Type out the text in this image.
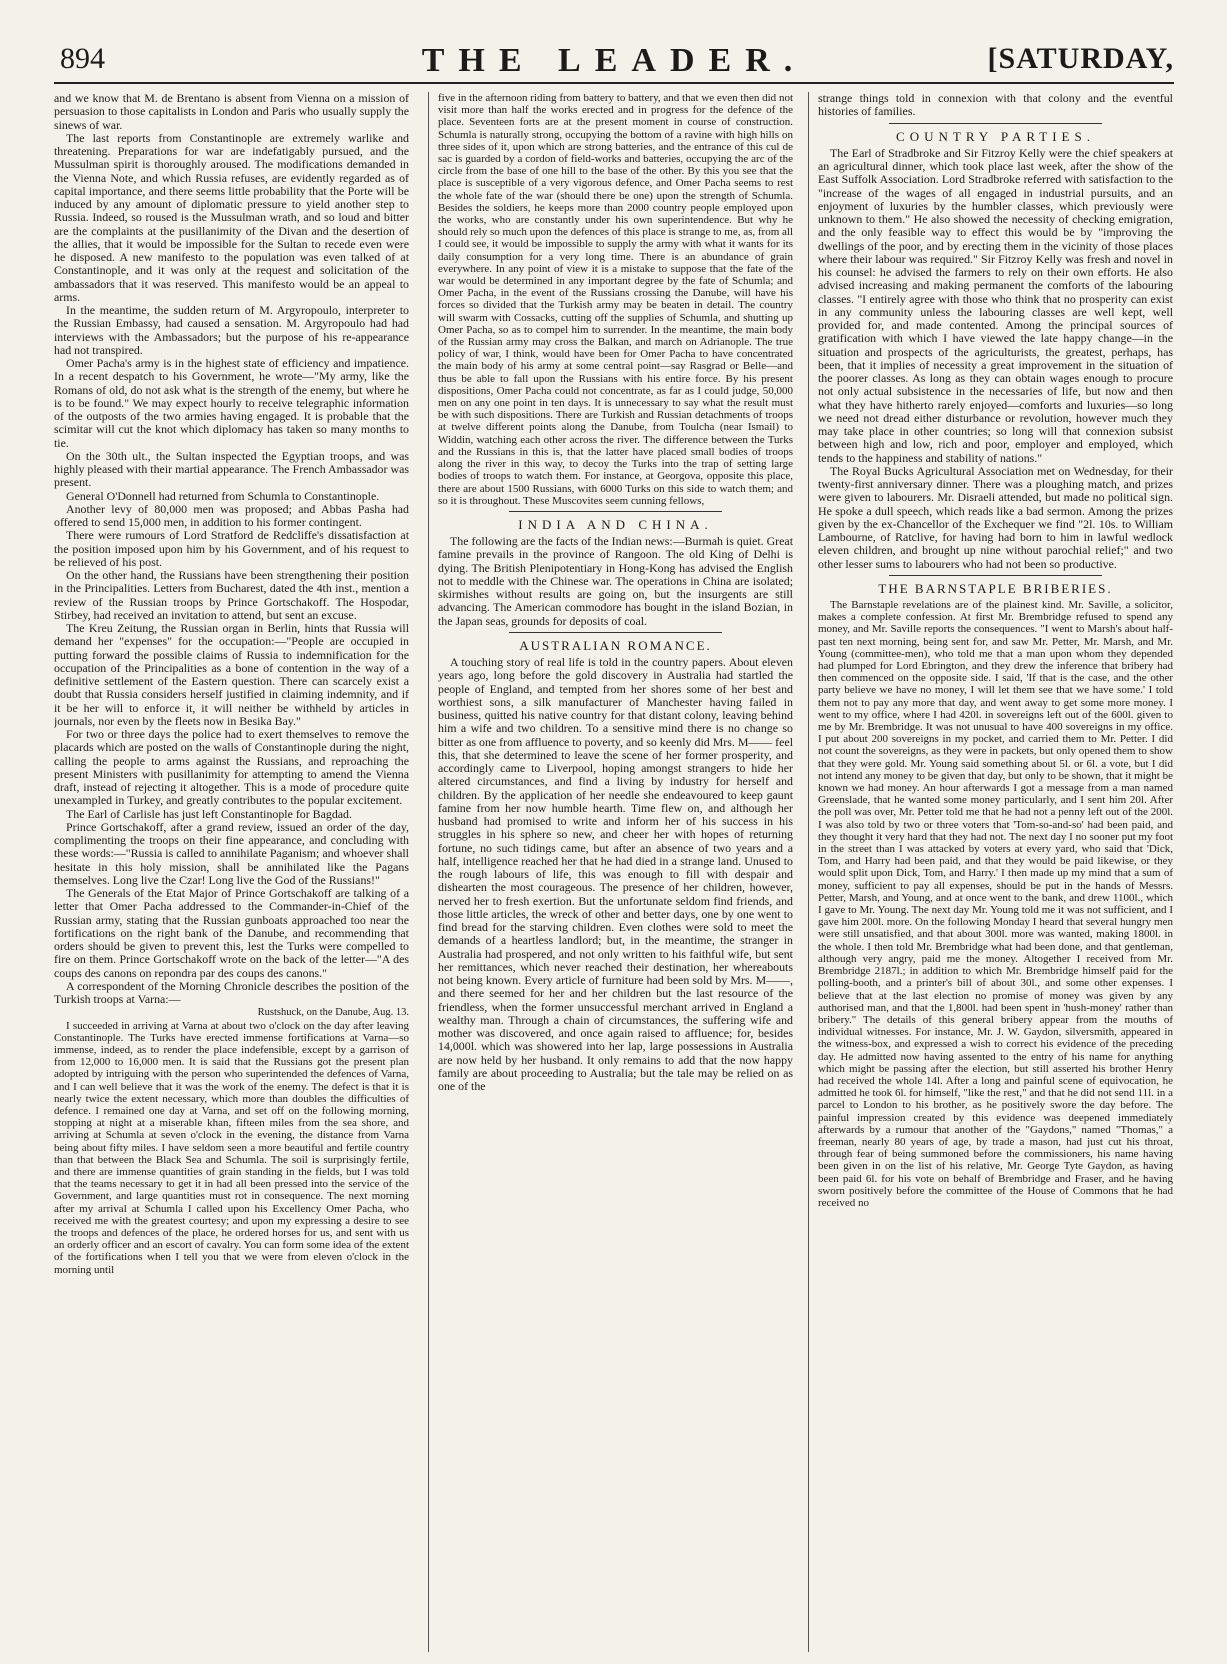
894	THE LEADER.	[SATURDAY,

and we know that M. de Brentano is absent from Vienna on a mission of persuasion to those capitalists in London and Paris who usually supply the sinews of war.

The last reports from Constantinople are extremely warlike and threatening. Preparations for war are indefatigably pursued, and the Mussulman spirit is thoroughly aroused. The modifications demanded in the Vienna Note, and which Russia refuses, are evidently regarded as of capital importance, and there seems little probability that the Porte will be induced by any amount of diplomatic pressure to yield another step to Russia. Indeed, so roused is the Mussulman wrath, and so loud and bitter are the complaints at the pusillanimity of the Divan and the desertion of the allies, that it would be impossible for the Sultan to recede even were he disposed. A new manifesto to the population was even talked of at Constantinople, and it was only at the request and solicitation of the ambassadors that it was reserved. This manifesto would be an appeal to arms.

In the meantime, the sudden return of M. Argyropoulo, interpreter to the Russian Embassy, had caused a sensation. M. Argyropoulo had had interviews with the Ambassadors; but the purpose of his re-appearance had not transpired.

Omer Pacha's army is in the highest state of efficiency and impatience. In a recent despatch to his Government, he wrote—"My army, like the Romans of old, do not ask what is the strength of the enemy, but where he is to be found." We may expect hourly to receive telegraphic information of the outposts of the two armies having engaged. It is probable that the scimitar will cut the knot which diplomacy has taken so many months to tie.

On the 30th ult., the Sultan inspected the Egyptian troops, and was highly pleased with their martial appearance. The French Ambassador was present.

General O'Donnell had returned from Schumla to Constantinople.

Another levy of 80,000 men was proposed; and Abbas Pasha had offered to send 15,000 men, in addition to his former contingent.

There were rumours of Lord Stratford de Redcliffe's dissatisfaction at the position imposed upon him by his Government, and of his request to be relieved of his post.

On the other hand, the Russians have been strengthening their position in the Principalities. Letters from Bucharest, dated the 4th inst., mention a review of the Russian troops by Prince Gortschakoff. The Hospodar, Stirbey, had received an invitation to attend, but sent an excuse.

The Kreu Zeitung, the Russian organ in Berlin, hints that Russia will demand her "expenses" for the occupation:—"People are occupied in putting forward the possible claims of Russia to indemnification for the occupation of the Principalities as a bone of contention in the way of a definitive settlement of the Eastern question. There can scarcely exist a doubt that Russia considers herself justified in claiming indemnity, and if it be her will to enforce it, it will neither be withheld by articles in journals, nor even by the fleets now in Besika Bay."

For two or three days the police had to exert themselves to remove the placards which are posted on the walls of Constantinople during the night, calling the people to arms against the Russians, and reproaching the present Ministers with pusillanimity for attempting to amend the Vienna draft, instead of rejecting it altogether. This is a mode of procedure quite unexampled in Turkey, and greatly contributes to the popular excitement.

The Earl of Carlisle has just left Constantinople for Bagdad.

Prince Gortschakoff, after a grand review, issued an order of the day, complimenting the troops on their fine appearance, and concluding with these words:—"Russia is called to annihilate Paganism; and whoever shall hesitate in this holy mission, shall be annihilated like the Pagans themselves. Long live the Czar! Long live the God of the Russians!"

The Generals of the Etat Major of Prince Gortschakoff are talking of a letter that Omer Pacha addressed to the Commander-in-Chief of the Russian army, stating that the Russian gunboats approached too near the fortifications on the right bank of the Danube, and recommending that orders should be given to prevent this, lest the Turks were compelled to fire on them. Prince Gortschakoff wrote on the back of the letter—"A des coups des canons on repondra par des coups des canons."

A correspondent of the Morning Chronicle describes the position of the Turkish troops at Varna:—

Rustshuck, on the Danube, Aug. 13.

I succeeded in arriving at Varna at about two o'clock on the day after leaving Constantinople. The Turks have erected immense fortifications at Varna—so immense, indeed, as to render the place indefensible, except by a garrison of from 12,000 to 16,000 men. It is said that the Russians got the present plan adopted by intriguing with the person who superintended the defences of Varna, and I can well believe that it was the work of the enemy. The defect is that it is nearly twice the extent necessary, which more than doubles the difficulties of defence. I remained one day at Varna, and set off on the following morning, stopping at night at a miserable khan, fifteen miles from the sea shore, and arriving at Schumla at seven o'clock in the evening, the distance from Varna being about fifty miles. I have seldom seen a more beautiful and fertile country than that between the Black Sea and Schumla. The soil is surprisingly fertile, and there are immense quantities of grain standing in the fields, but I was told that the teams necessary to get it in had all been pressed into the service of the Government, and large quantities must rot in consequence. The next morning after my arrival at Schumla I called upon his Excellency Omer Pacha, who received me with the greatest courtesy; and upon my expressing a desire to see the troops and defences of the place, he ordered horses for us, and sent with us an orderly officer and an escort of cavalry. You can form some idea of the extent of the fortifications when I tell you that we were from eleven o'clock in the morning until

five in the afternoon riding from battery to battery, and that we even then did not visit more than half the works erected and in progress for the defence of the place. Seventeen forts are at the present moment in course of construction. Schumla is naturally strong, occupying the bottom of a ravine with high hills on three sides of it, upon which are strong batteries, and the entrance of this cul de sac is guarded by a cordon of field-works and batteries, occupying the arc of the circle from the base of one hill to the base of the other. By this you see that the place is susceptible of a very vigorous defence, and Omer Pacha seems to rest the whole fate of the war (should there be one) upon the strength of Schumla. Besides the soldiers, he keeps more than 2000 country people employed upon the works, who are constantly under his own superintendence. But why he should rely so much upon the defences of this place is strange to me, as, from all I could see, it would be impossible to supply the army with what it wants for its daily consumption for a very long time. There is an abundance of grain everywhere. In any point of view it is a mistake to suppose that the fate of the war would be determined in any important degree by the fate of Schumla; and Omer Pacha, in the event of the Russians crossing the Danube, will have his forces so divided that the Turkish army may be beaten in detail. The country will swarm with Cossacks, cutting off the supplies of Schumla, and shutting up Omer Pacha, so as to compel him to surrender. In the meantime, the main body of the Russian army may cross the Balkan, and march on Adrianople. The true policy of war, I think, would have been for Omer Pacha to have concentrated the main body of his army at some central point—say Rasgrad or Belle—and thus be able to fall upon the Russians with his entire force. By his present dispositions, Omer Pacha could not concentrate, as far as I could judge, 50,000 men on any one point in ten days. It is unnecessary to say what the result must be with such dispositions. There are Turkish and Russian detachments of troops at twelve different points along the Danube, from Toulcha (near Ismail) to Widdin, watching each other across the river. The difference between the Turks and the Russians in this is, that the latter have placed small bodies of troops along the river in this way, to decoy the Turks into the trap of setting large bodies of troops to watch them. For instance, at Georgova, opposite this place, there are about 1500 Russians, with 6000 Turks on this side to watch them; and so it is throughout. These Muscovites seem cunning fellows,

INDIA AND CHINA.

The following are the facts of the Indian news:—Burmah is quiet. Great famine prevails in the province of Rangoon. The old King of Delhi is dying. The British Plenipotentiary in Hong-Kong has advised the English not to meddle with the Chinese war. The operations in China are isolated; skirmishes without results are going on, but the insurgents are still advancing. The American commodore has bought in the island Bozian, in the Japan seas, grounds for deposits of coal.

AUSTRALIAN ROMANCE.

A touching story of real life is told in the country papers. About eleven years ago, long before the gold discovery in Australia had startled the people of England, and tempted from her shores some of her best and worthiest sons, a silk manufacturer of Manchester having failed in business, quitted his native country for that distant colony, leaving behind him a wife and two children. To a sensitive mind there is no change so bitter as one from affluence to poverty, and so keenly did Mrs. M—— feel this, that she determined to leave the scene of her former prosperity, and accordingly came to Liverpool, hoping amongst strangers to hide her altered circumstances, and find a living by industry for herself and children. By the application of her needle she endeavoured to keep gaunt famine from her now humble hearth. Time flew on, and although her husband had promised to write and inform her of his success in his struggles in his sphere so new, and cheer her with hopes of returning fortune, no such tidings came, but after an absence of two years and a half, intelligence reached her that he had died in a strange land. Unused to the rough labours of life, this was enough to fill with despair and dishearten the most courageous. The presence of her children, however, nerved her to fresh exertion. But the unfortunate seldom find friends, and those little articles, the wreck of other and better days, one by one went to find bread for the starving children. Even clothes were sold to meet the demands of a heartless landlord; but, in the meantime, the stranger in Australia had prospered, and not only written to his faithful wife, but sent her remittances, which never reached their destination, her whereabouts not being known. Every article of furniture had been sold by Mrs. M——, and there seemed for her and her children but the last resource of the friendless, when the former unsuccessful merchant arrived in England a wealthy man. Through a chain of circumstances, the suffering wife and mother was discovered, and once again raised to affluence; for, besides 14,000l. which was showered into her lap, large possessions in Australia are now held by her husband. It only remains to add that the now happy family are about proceeding to Australia; but the tale may be relied on as one of the

strange things told in connexion with that colony and the eventful histories of families.

COUNTRY PARTIES.

The Earl of Stradbroke and Sir Fitzroy Kelly were the chief speakers at an agricultural dinner, which took place last week, after the show of the East Suffolk Association. Lord Stradbroke referred with satisfaction to the "increase of the wages of all engaged in industrial pursuits, and an enjoyment of luxuries by the humbler classes, which previously were unknown to them." He also showed the necessity of checking emigration, and the only feasible way to effect this would be by "improving the dwellings of the poor, and by erecting them in the vicinity of those places where their labour was required." Sir Fitzroy Kelly was fresh and novel in his counsel: he advised the farmers to rely on their own efforts. He also advised increasing and making permanent the comforts of the labouring classes. "I entirely agree with those who think that no prosperity can exist in any community unless the labouring classes are well kept, well provided for, and made contented. Among the principal sources of gratification with which I have viewed the late happy change—in the situation and prospects of the agriculturists, the greatest, perhaps, has been, that it implies of necessity a great improvement in the situation of the poorer classes. As long as they can obtain wages enough to procure not only actual subsistence in the necessaries of life, but now and then what they have hitherto rarely enjoyed—comforts and luxuries—so long we need not dread either disturbance or revolution, however much they may take place in other countries; so long will that connexion subsist between high and low, rich and poor, employer and employed, which tends to the happiness and stability of nations."

The Royal Bucks Agricultural Association met on Wednesday, for their twenty-first anniversary dinner. There was a ploughing match, and prizes were given to labourers. Mr. Disraeli attended, but made no political sign. He spoke a dull speech, which reads like a bad sermon. Among the prizes given by the ex-Chancellor of the Exchequer we find "2l. 10s. to William Lambourne, of Ratclive, for having had born to him in lawful wedlock eleven children, and brought up nine without parochial relief;" and two other lesser sums to labourers who had not been so productive.

THE BARNSTAPLE BRIBERIES.

The Barnstaple revelations are of the plainest kind. Mr. Saville, a solicitor, makes a complete confession. At first Mr. Brembridge refused to spend any money, and Mr. Saville reports the consequences. "I went to Marsh's about half-past ten next morning, being sent for, and saw Mr. Petter, Mr. Marsh, and Mr. Young (committee-men), who told me that a man upon whom they depended had plumped for Lord Ebrington, and they drew the inference that bribery had then commenced on the opposite side. I said, 'If that is the case, and the other party believe we have no money, I will let them see that we have some.' I told them not to pay any more that day, and went away to get some more money. I went to my office, where I had 420l. in sovereigns left out of the 600l. given to me by Mr. Brembridge. It was not unusual to have 400 sovereigns in my office. I put about 200 sovereigns in my pocket, and carried them to Mr. Petter. I did not count the sovereigns, as they were in packets, but only opened them to show that they were gold. Mr. Young said something about 5l. or 6l. a vote, but I did not intend any money to be given that day, but only to be shown, that it might be known we had money. An hour afterwards I got a message from a man named Greenslade, that he wanted some money particularly, and I sent him 20l. After the poll was over, Mr. Petter told me that he had not a penny left out of the 200l. I was also told by two or three voters that 'Tom-so-and-so' had been paid, and they thought it very hard that they had not. The next day I no sooner put my foot in the street than I was attacked by voters at every yard, who said that 'Dick, Tom, and Harry had been paid, and that they would be paid likewise, or they would split upon Dick, Tom, and Harry.' I then made up my mind that a sum of money, sufficient to pay all expenses, should be put in the hands of Messrs. Petter, Marsh, and Young, and at once went to the bank, and drew 1100l., which I gave to Mr. Young. The next day Mr. Young told me it was not sufficient, and I gave him 200l. more. On the following Monday I heard that several hungry men were still unsatisfied, and that about 300l. more was wanted, making 1800l. in the whole. I then told Mr. Brembridge what had been done, and that gentleman, although very angry, paid me the money. Altogether I received from Mr. Brembridge 2187l.; in addition to which Mr. Brembridge himself paid for the polling-booth, and a printer's bill of about 30l., and some other expenses. I believe that at the last election no promise of money was given by any authorised man, and that the 1,800l. had been spent in 'hush-money' rather than bribery." The details of this general bribery appear from the mouths of individual witnesses. For instance, Mr. J. W. Gaydon, silversmith, appeared in the witness-box, and expressed a wish to correct his evidence of the preceding day. He admitted now having assented to the entry of his name for anything which might be passing after the election, but still asserted his brother Henry had received the whole 14l. After a long and painful scene of equivocation, he admitted he took 6l. for himself, "like the rest," and that he did not send 11l. in a parcel to London to his brother, as he positively swore the day before. The painful impression created by this evidence was deepened immediately afterwards by a rumour that another of the "Gaydons," named "Thomas," a freeman, nearly 80 years of age, by trade a mason, had just cut his throat, through fear of being summoned before the commissioners, his name having been given in on the list of his relative, Mr. George Tyte Gaydon, as having been paid 6l. for his vote on behalf of Brembridge and Fraser, and he having sworn positively before the committee of the House of Commons that he had received no
